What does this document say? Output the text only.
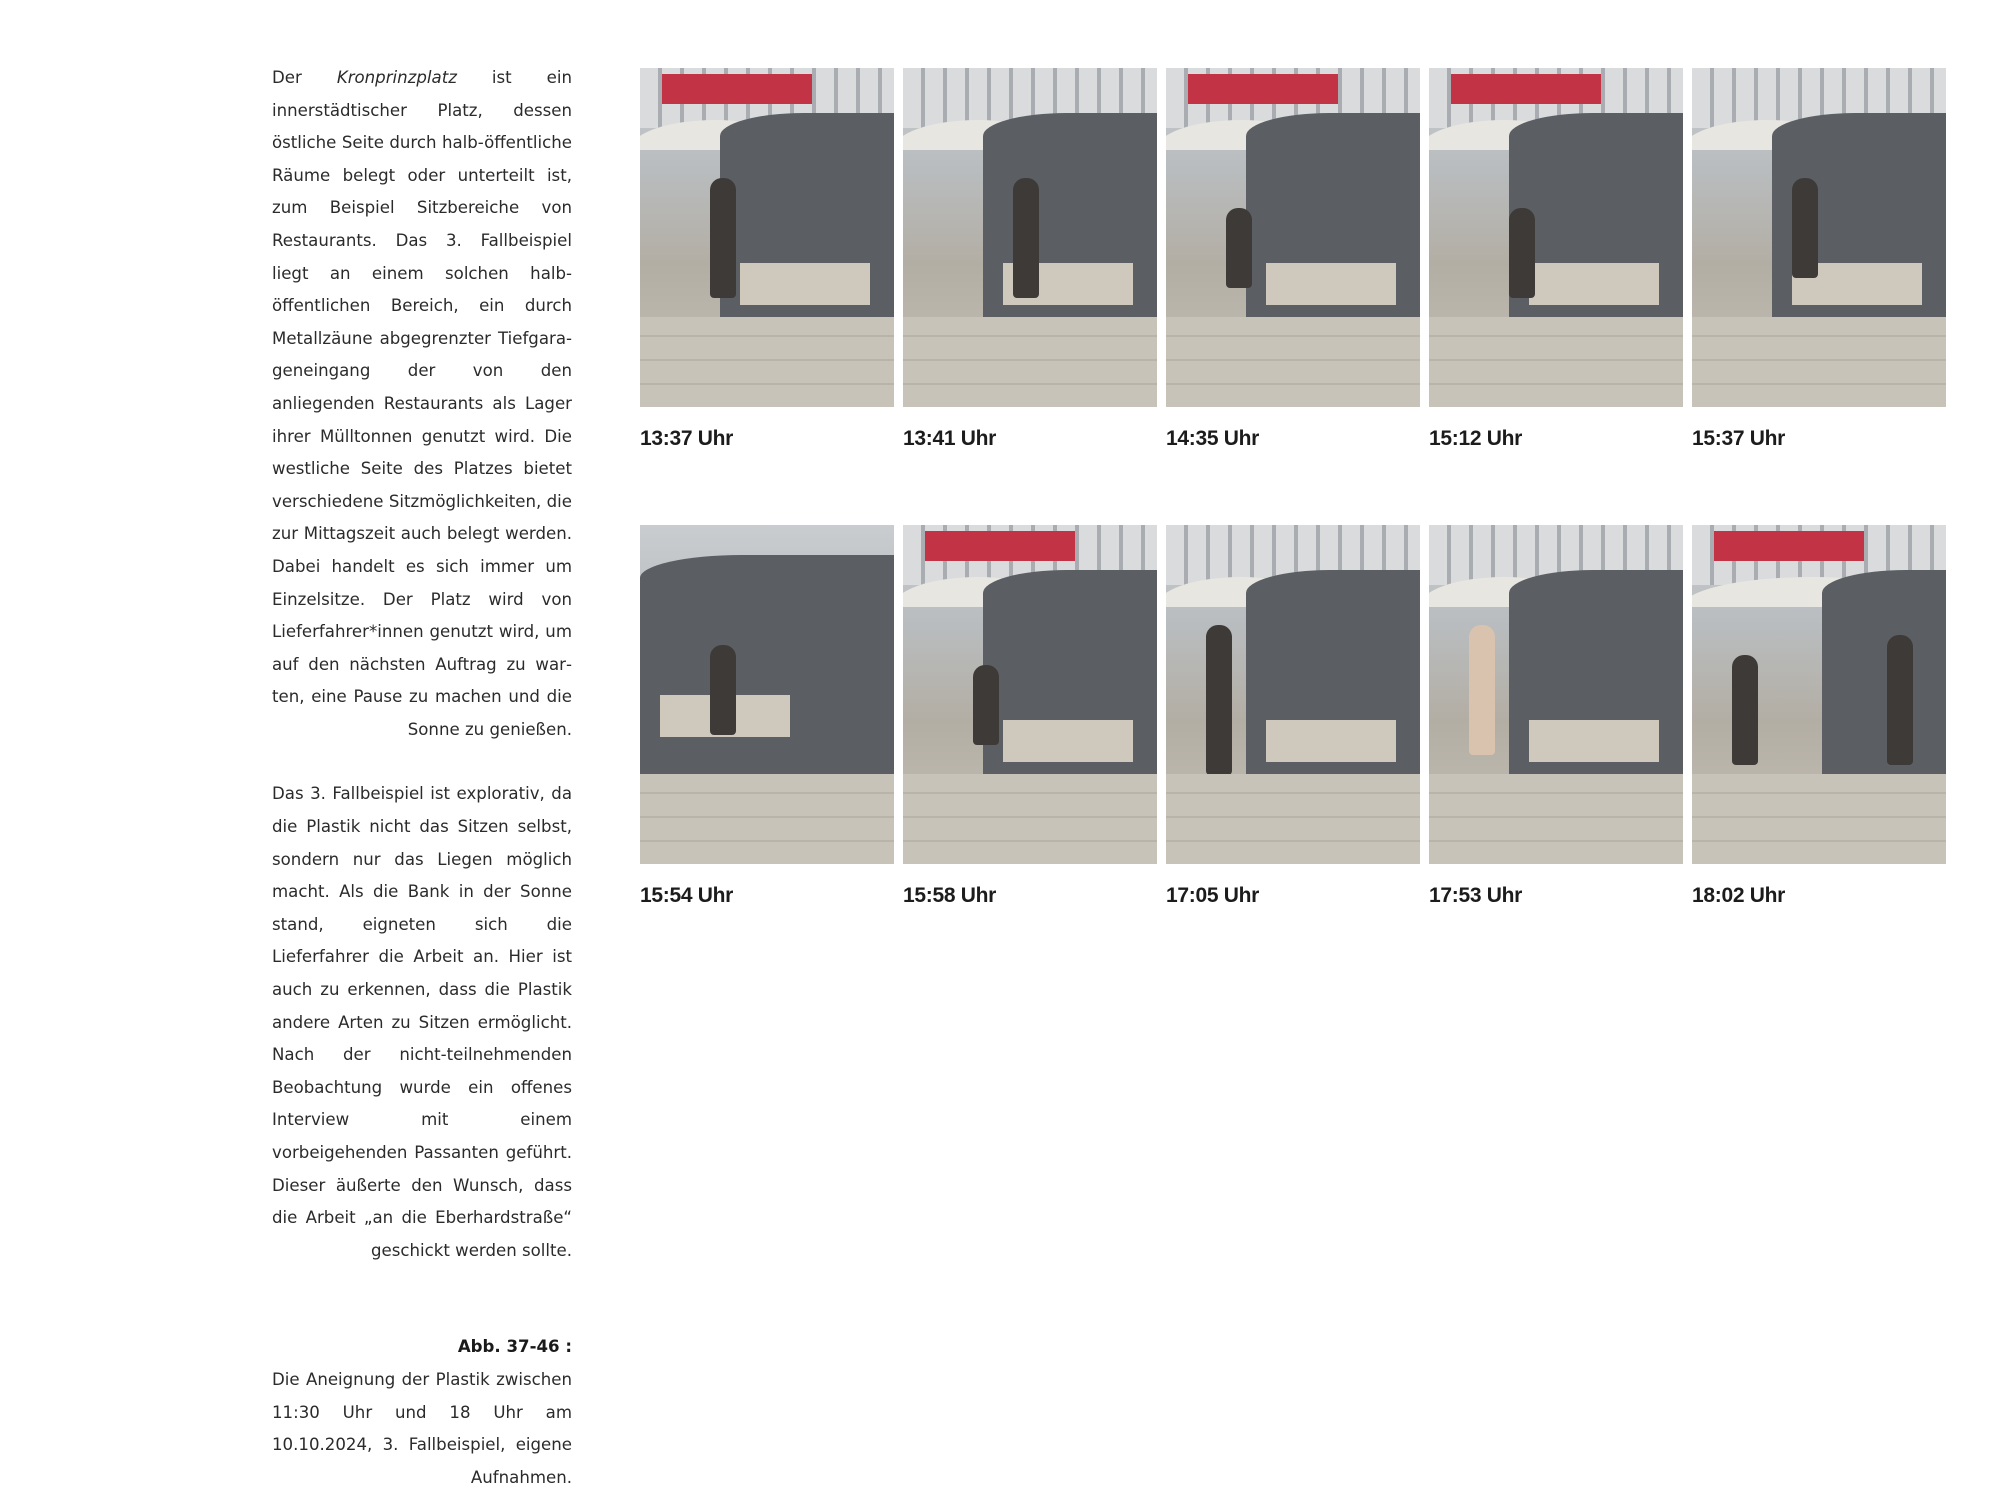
Der Kronprinzplatz ist ein innerstädtischer Platz, dessen östliche Seite durch halb-öffentliche Räume belegt oder unterteilt ist, zum Beispiel Sitzbereiche von Restaurants. Das 3. Fallbeispiel liegt an einem solchen halb-öffentlichen Bereich, ein durch Metallzäune abgegrenzter Tiefgarageneingang der von den anliegenden Restaurants als Lager ihrer Mülltonnen genutzt wird. Die westliche Seite des Platzes bietet verschiedene Sitzmöglichkeiten, die zur Mittagszeit auch belegt werden. Dabei handelt es sich immer um Einzelsitze. Der Platz wird von Lieferfahrer*innen genutzt wird, um auf den nächsten Auftrag zu warten, eine Pause zu machen und die Sonne zu genießen.

Das 3. Fallbeispiel ist explorativ, da die Plastik nicht das Sitzen selbst, sondern nur das Liegen möglich macht. Als die Bank in der Sonne stand, eigneten sich die Lieferfahrer die Arbeit an. Hier ist auch zu erkennen, dass die Plastik andere Arten zu Sitzen ermöglicht. Nach der nicht-teilnehmenden Beobachtung wurde ein offenes Interview mit einem vorbeigehenden Passanten geführt. Dieser äußerte den Wunsch, dass die Arbeit „an die Eberhardstraße“ geschickt werden sollte.

Abb. 37-46 :
Die Aneignung der Plastik zwischen 11:30 Uhr und 18 Uhr am 10.10.2024, 3. Fallbeispiel, eigene Aufnahmen.
13:37 Uhr	13:41 Uhr	14:35 Uhr	15:12 Uhr	15:37 Uhr
15:54 Uhr	15:58 Uhr	17:05 Uhr	17:53 Uhr	18:02 Uhr
